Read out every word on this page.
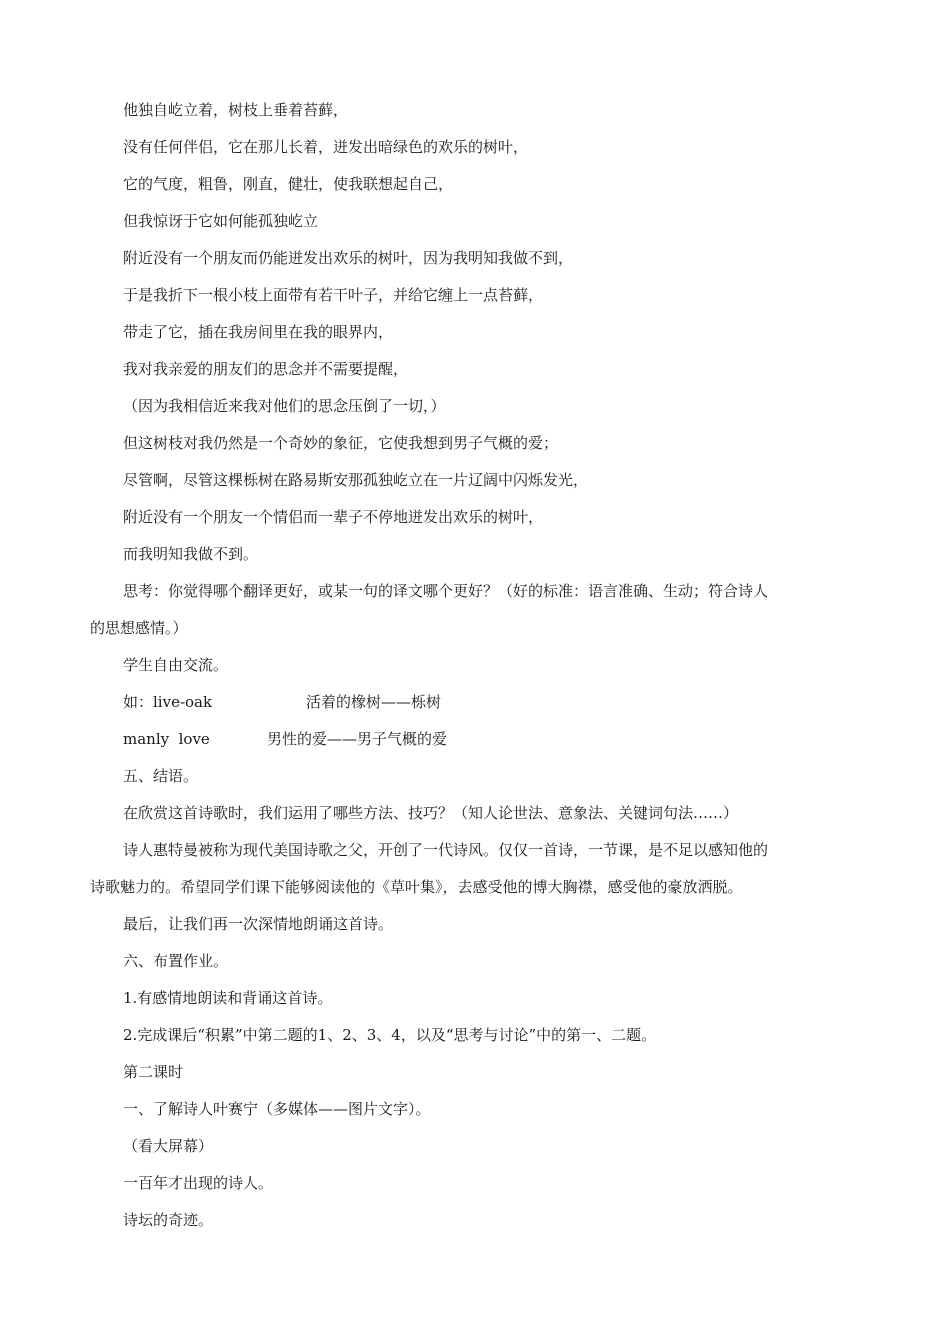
他独自屹立着，树枝上垂着苔藓，
没有任何伴侣，它在那儿长着，迸发出暗绿色的欢乐的树叶，
它的气度，粗鲁，刚直，健壮，使我联想起自己，
但我惊讶于它如何能孤独屹立
附近没有一个朋友而仍能迸发出欢乐的树叶，因为我明知我做不到，
于是我折下一根小枝上面带有若干叶子，并给它缠上一点苔藓，
带走了它，插在我房间里在我的眼界内，
我对我亲爱的朋友们的思念并不需要提醒，
（因为我相信近来我对他们的思念压倒了一切，）
但这树枝对我仍然是一个奇妙的象征，它使我想到男子气概的爱；
尽管啊，尽管这棵栎树在路易斯安那孤独屹立在一片辽阔中闪烁发光，
附近没有一个朋友一个情侣而一辈子不停地迸发出欢乐的树叶，
而我明知我做不到。
思考：你觉得哪个翻译更好，或某一句的译文哪个更好？（好的标准：语言准确、生动；符合诗人
的思想感情。）
学生自由交流。
如：live-oak	活着的橡树——栎树
manly  love	男性的爱——男子气概的爱
五、结语。
在欣赏这首诗歌时，我们运用了哪些方法、技巧？（知人论世法、意象法、关键词句法……）
诗人惠特曼被称为现代美国诗歌之父，开创了一代诗风。仅仅一首诗，一节课，是不足以感知他的
诗歌魅力的。希望同学们课下能够阅读他的《草叶集》，去感受他的博大胸襟，感受他的豪放洒脱。
最后，让我们再一次深情地朗诵这首诗。
六、布置作业。
1.有感情地朗读和背诵这首诗。
2.完成课后“积累”中第二题的1、2、3、4，以及“思考与讨论”中的第一、二题。
第二课时
一、了解诗人叶赛宁（多媒体——图片文字）。
（看大屏幕）
一百年才出现的诗人。
诗坛的奇迹。
